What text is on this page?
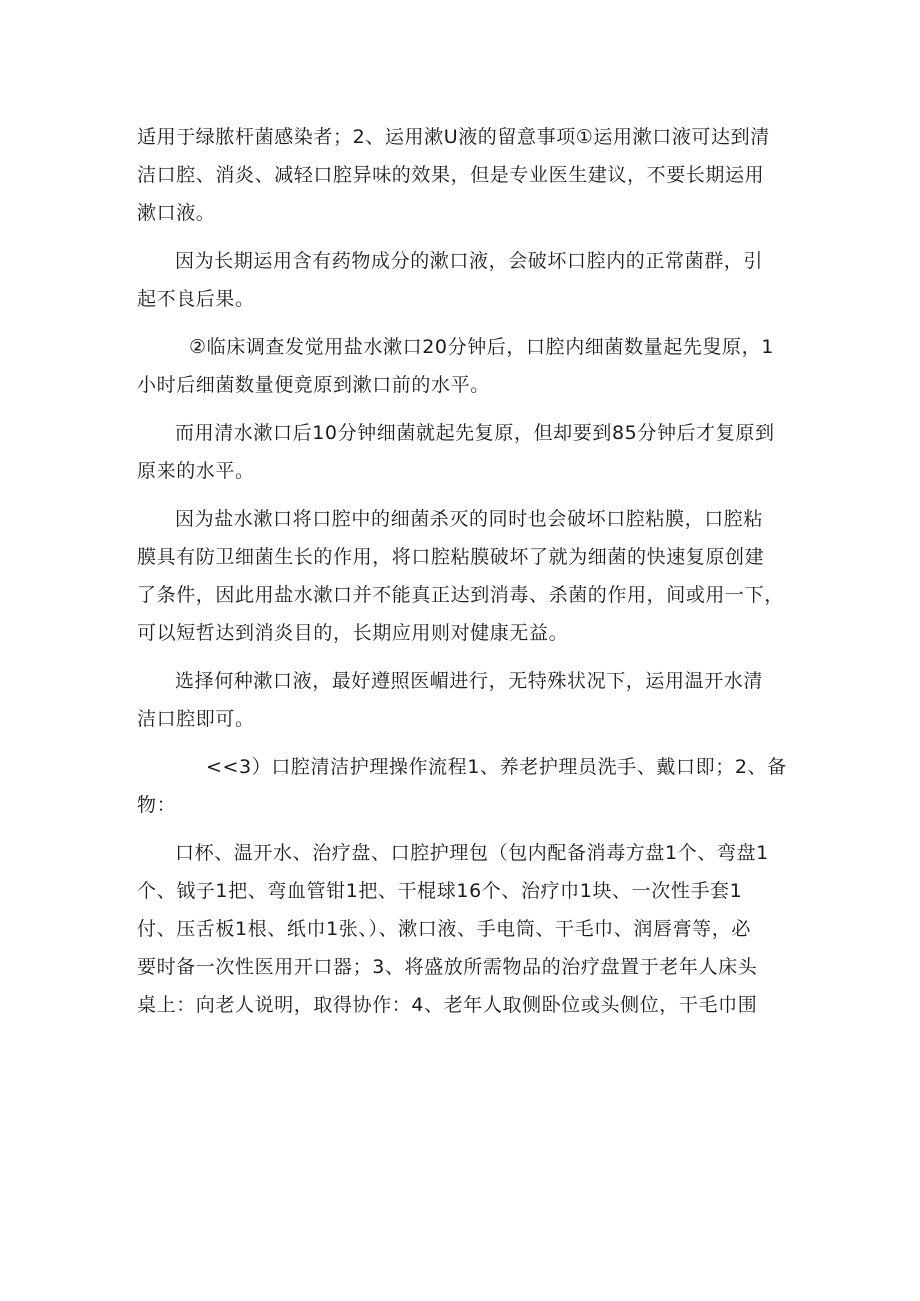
适用于绿脓杆菌感染者；2、运用漱U液的留意事项①运用漱口液可达到清
洁口腔、消炎、减轻口腔异味的效果，但是专业医生建议，不要长期运用
漱口液。

因为长期运用含有药物成分的漱口液，会破坏口腔内的正常菌群，引
起不良后果。

②临床调查发觉用盐水漱口20分钟后，口腔内细菌数量起先叟原，1
小时后细菌数量便竟原到漱口前的水平。

而用清水漱口后10分钟细菌就起先复原，但却要到85分钟后才复原到
原来的水平。

因为盐水漱口将口腔中的细菌杀灭的同时也会破坏口腔粘膜，口腔粘
膜具有防卫细菌生长的作用，将口腔粘膜破坏了就为细菌的快速复原创建
了条件，因此用盐水漱口并不能真正达到消毒、杀菌的作用，间或用一下，
可以短哲达到消炎目的，长期应用则对健康无益。

选择何种漱口液，最好遵照医嵋进行，无特殊状况下，运用温开水清
洁口腔即可。

<<3）口腔清洁护理操作流程1、养老护理员洗手、戴口即；2、备
物：

口杯、温开水、治疗盘、口腔护理包（包内配备消毒方盘1个、弯盘1
个、钺子1把、弯血管钳1把、干棍球16个、治疗巾1块、一次性手套1
付、压舌板1根、纸巾1张、）、漱口液、手电筒、干毛巾、润唇膏等，必
要时备一次性医用开口器；3、将盛放所需物品的治疗盘置于老年人床头
桌上：向老人说明，取得协作：4、老年人取侧卧位或头侧位，干毛巾围
